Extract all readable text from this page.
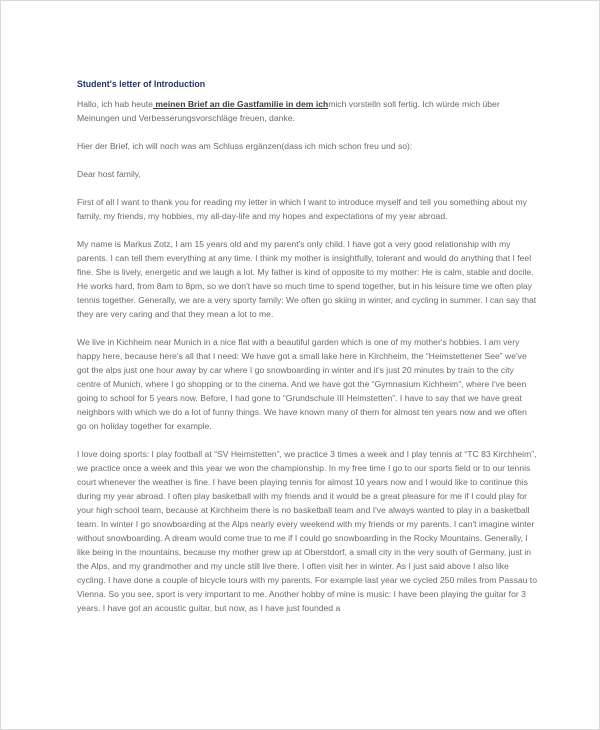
Student's letter of Introduction

Hallo, ich hab heute meinen Brief an die Gastfamilie in dem ichmich vorstelln soll fertig. Ich würde mich über Meinungen und Verbesserungsvorschläge freuen, danke.

Hier der Brief, ich will noch was am Schluss ergänzen(dass ich mich schon freu und so):

Dear host family,

First of all I want to thank you for reading my letter in which I want to introduce myself and tell you something about my family, my friends, my hobbies, my all-day-life and my hopes and expectations of my year abroad.

My name is Markus Zotz, I am 15 years old and my parent's only child. I have got a very good relationship with my parents. I can tell them everything at any time. I think my mother is insightfully, tolerant and would do anything that I feel fine. She is lively, energetic and we laugh a lot. My father is kind of opposite to my mother: He is calm, stable and docile. He works hard, from 8am to 8pm, so we don't have so much time to spend together, but in his leisure time we often play tennis together. Generally, we are a very sporty family: We often go skiing in winter, and cycling in summer. I can say that they are very caring and that they mean a lot to me.

We live in Kichheim near Munich in a nice flat with a beautiful garden which is one of my mother's hobbies. I am very happy here, because here's all that I need: We have got a small lake here in Kirchheim, the “Heimstettener See” we've got the alps just one hour away by car where I go snowboarding in winter and it's just 20 minutes by train to the city centre of Munich, where I go shopping or to the cinema. And we have got the “Gymnasium Kichheim”, where I've been going to school for 5 years now. Before, I had gone to “Grundschule III Heimstetten”. I have to say that we have great neighbors with which we do a lot of funny things. We have known many of them for almost ten years now and we often go on holiday together for example.

I love doing sports: I play football at “SV Heimstetten”, we practice 3 times a week and I play tennis at “TC 83 Kirchheim”, we practice once a week and this year we won the championship. In my free time I go to our sports field or to our tennis court whenever the weather is fine. I have been playing tennis for almost 10 years now and I would like to continue this during my year abroad. I often play basketball with my friends and it would be a great pleasure for me if I could play for your high school team, because at Kirchheim there is no basketball team and I've always wanted to play in a basketball team. In winter I go snowboarding at the Alps nearly every weekend with my friends or my parents. I can't imagine winter without snowboarding. A dream would come true to me if I could go snowboarding in the Rocky Mountains. Generally, I like being in the mountains, because my mother grew up at Oberstdorf, a small city in the very south of Germany, just in the Alps, and my grandmother and my uncle still live there. I often visit her in winter. As I just said above I also like cycling. I have done a couple of bicycle tours with my parents. For example last year we cycled 250 miles from Passau to Vienna. So you see, sport is very important to me. Another hobby of mine is music: I have been playing the guitar for 3 years. I have got an acoustic guitar, but now, as I have just founded a
